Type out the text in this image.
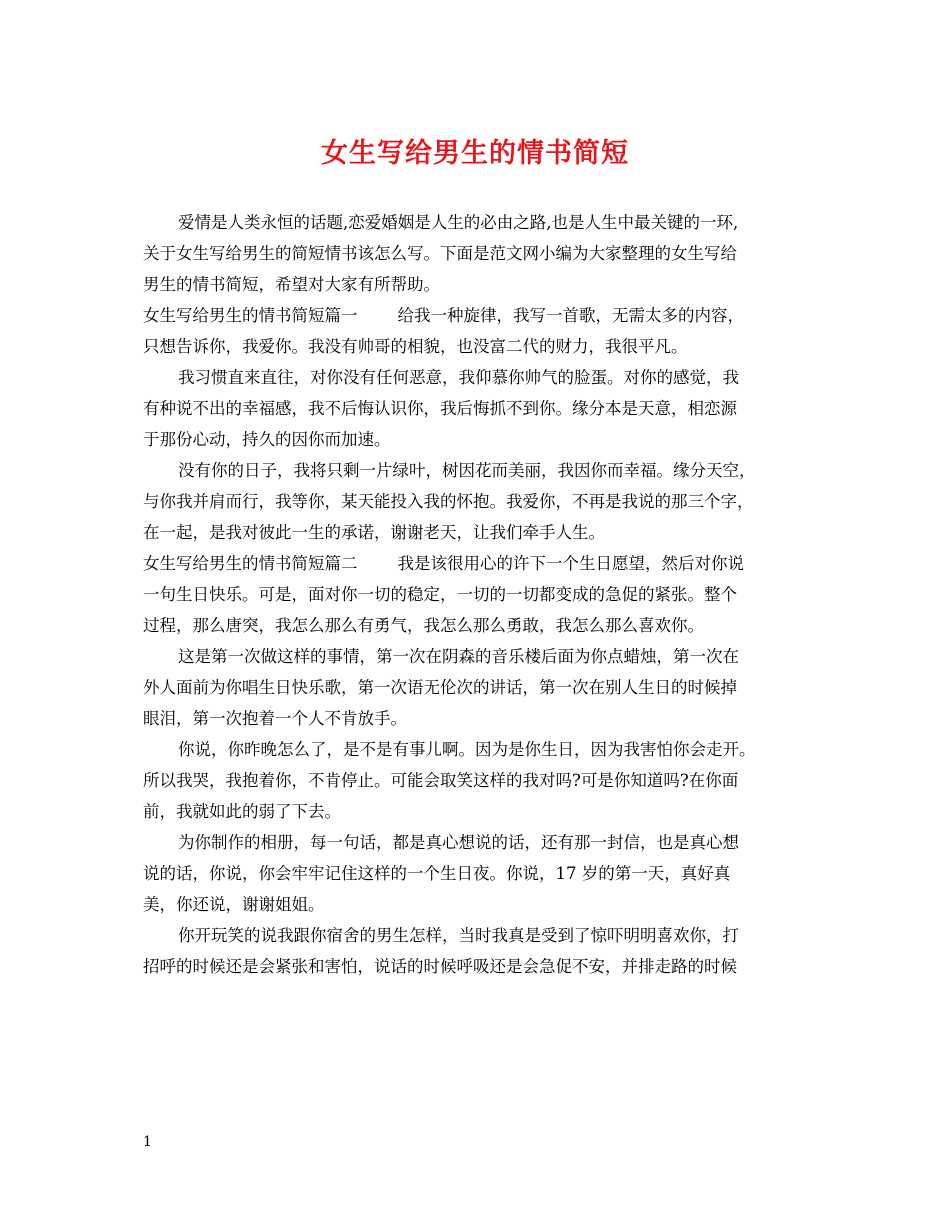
女生写给男生的情书简短

爱情是人类永恒的话题,恋爱婚姻是人生的必由之路,也是人生中最关键的一环,

关于女生写给男生的简短情书该怎么写。下面是范文网小编为大家整理的女生写给

男生的情书简短，希望对大家有所帮助。

女生写给男生的情书简短篇一 给我一种旋律，我写一首歌，无需太多的内容，

只想告诉你，我爱你。我没有帅哥的相貌，也没富二代的财力，我很平凡。

我习惯直来直往，对你没有任何恶意，我仰慕你帅气的脸蛋。对你的感觉，我

有种说不出的幸福感，我不后悔认识你，我后悔抓不到你。缘分本是天意，相恋源

于那份心动，持久的因你而加速。

没有你的日子，我将只剩一片绿叶，树因花而美丽，我因你而幸福。缘分天空，

与你我并肩而行，我等你，某天能投入我的怀抱。我爱你，不再是我说的那三个字，

在一起，是我对彼此一生的承诺，谢谢老天，让我们牵手人生。

女生写给男生的情书简短篇二 我是该很用心的许下一个生日愿望，然后对你说

一句生日快乐。可是，面对你一切的稳定，一切的一切都变成的急促的紧张。整个

过程，那么唐突，我怎么那么有勇气，我怎么那么勇敢，我怎么那么喜欢你。

这是第一次做这样的事情，第一次在阴森的音乐楼后面为你点蜡烛，第一次在

外人面前为你唱生日快乐歌，第一次语无伦次的讲话，第一次在别人生日的时候掉

眼泪，第一次抱着一个人不肯放手。

你说，你昨晚怎么了，是不是有事儿啊。因为是你生日，因为我害怕你会走开。

所以我哭，我抱着你，不肯停止。可能会取笑这样的我对吗?可是你知道吗?在你面

前，我就如此的弱了下去。

为你制作的相册，每一句话，都是真心想说的话，还有那一封信，也是真心想

说的话，你说，你会牢牢记住这样的一个生日夜。你说，17 岁的第一天，真好真

美，你还说，谢谢姐姐。

你开玩笑的说我跟你宿舍的男生怎样，当时我真是受到了惊吓明明喜欢你，打

招呼的时候还是会紧张和害怕，说话的时候呼吸还是会急促不安，并排走路的时候

1
